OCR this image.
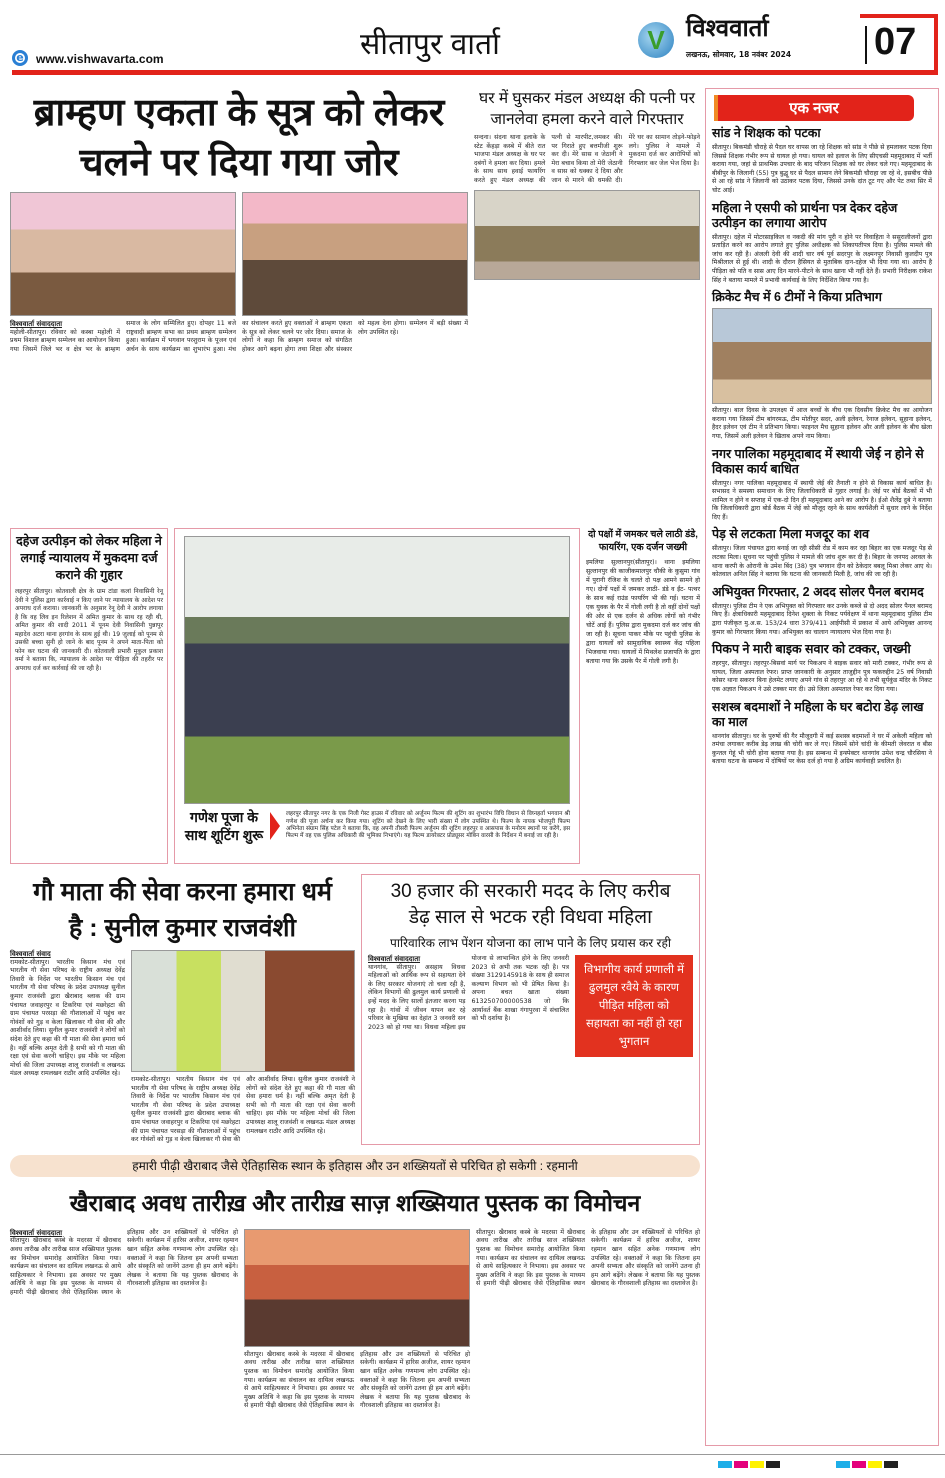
e	www.vishwavarta.com	सीतापुर वार्ता	V विश्ववार्ता
लखनऊ, सोमवार, 18 नवंबर 2024 07
ब्राम्हण एकता के सूत्र को लेकर
चलने पर दिया गया जोर
विश्ववार्ता संवाददाता
महोली-सीतापुर। रविवार को कस्बा महोली में प्रथम विशाल ब्राम्हण सम्मेलन का आयोजन किया गया जिसमें जिले भर व क्षेत्र भर के ब्राम्हण समाज के लोग सम्मिलित हुए। दोपहर 11 बजे राष्ट्रवादी ब्राम्हण सभा का प्रथम ब्राम्हण सम्मेलन हुआ। कार्यक्रम में भगवान परशुराम के पूजन एवं अर्चन के साथ कार्यक्रम का शुभारंभ हुआ। मंच का संचालन करते हुए वक्ताओं ने ब्राम्हण एकता के सूत्र को लेकर चलने पर जोर दिया। समाज के लोगों ने कहा कि ब्राम्हण समाज को संगठित होकर आगे बढ़ना होगा तथा शिक्षा और संस्कार को महत्व देना होगा। सम्मेलन में बड़ी संख्या में लोग उपस्थित रहे।
घर में घुसकर मंडल अध्यक्ष की पत्नी पर
जानलेवा हमला करने वाले गिरफ्तार
सन्दना। संदना थाना इलाके के स्टेट केंहड़ा कस्बे में बीते रात भाजपा मंडल अध्यक्ष के घर पर दबंगों ने हमला कर दिया। हमले के साथ साथ हवाई फायरिंग करते हुए मंडल अध्यक्ष की पत्नी से मारपीट,जमकर की। पर गिराते हुए बत्तमीजी शुरू कर दी। मेरे सास व जेठानी ने मेरा बचाव किया तो मेरी जेठानी व सास को धक्का दे दिया और जान से मारने की धमकी दी। मेरे घर का सामान तोड़ने-फोड़ने लगे। पुलिस ने मामले में मुकदमा दर्ज कर आरोपियों को गिरफ्तार कर जेल भेज दिया है।
दहेज उत्पीड़न को लेकर महिला ने लगाई न्यायालय में मुकदमा दर्ज कराने की गुहार
लहरपुर सीतापुर। कोतवाली क्षेत्र के ग्राम टांडा कलां निवासिनी रेनू देवी ने पुलिस द्वारा कार्रवाई न किए जाने पर न्यायालय के आदेश पर अपराध दर्ज कराया। जानकारी के अनुसार रेनू देवी ने आरोप लगाया है कि वह लिव इन रिलेशन में अमित कुमार के साथ रह रही थी, अमित कुमार की शादी 2011 में पूनम देवी निवासिनी पुन्नापुर महादेव अटरा थाना हरगांव के साथ हुई थी। 19 जुलाई को पूनम से उसकी बच्चा सुनी हो जाने के बाद पूनम ने अपने माता-पिता को फोन कर घटना की जानकारी दी। कोतवाली प्रभारी मुकुल प्रकाश वर्मा ने बताया कि, न्यायालय के आदेश पर पीड़िता की तहरीर पर अपराध दर्ज कर कार्रवाई की जा रही है।
गणेश पूजा के साथ शूटिंग शुरू
लहरपुर सीतापुर नगर के एक निजी गेस्ट हाउस में रविवार को अर्जुनम फिल्म की शूटिंग का शुभारंभ विधि विधान से विघ्नहर्ता भगवान श्री गणेश की पूजा अर्चना कर किया गया। शूटिंग को देखने के लिए भारी संख्या में लोग उपस्थित थे। फिल्म के नायक भोजपुरी फिल्म अभिनेता संग्राम सिंह पटेल ने बताया कि, वह अपनी तीसरी फिल्म अर्जुनम की शूटिंग लहरपुर व आसपास के मनोरम स्थानों पर करेंगे, इस फिल्म में वह एक पुलिस अधिकारी की भूमिका निभाएंगे। यह फिल्म डायरेक्टर प्रोड्यूसर मोबिन वारसी के निर्देशन में बनाई जा रही है।
दो पक्षों में जमकर चले लाठी डंडे,
फायरिंग, एक दर्जन जख्मी
इमलिया सुल्तानपुर(सीतापुर)। थाना इमलिया सुल्तानपुर की काजीकमालपुर चौकी के कुसुमा गांव में पुरानी रंजिश के चलते दो पक्ष आमने सामने हो गए। दोनों पक्षों में जमकर लाठी- डंडे व ईंट- पत्थर के साथ कई राउंड फायरिंग भी की गई। घटना में एक युवक के पैर में गोली लगी है तो वहीं दोनों पक्षों की ओर से एक दर्जन से अधिक लोगों को गंभीर चोटें आई हैं। पुलिस द्वारा मुकदमा दर्ज कर जांच की जा रही है। सूचना पाकर मौके पर पहुंची पुलिस के द्वारा घायलों को सामुदायिक स्वास्थ्य केंद्र पहिला भिजवाया गया। घायलों में मिथलेश प्रजापति के द्वारा बताया गया कि उसके पैर में गोली लगी है।
गौ माता की सेवा करना हमारा धर्म
है : सुनील कुमार राजवंशी
विश्ववार्ता संवाद
रामकोट-सीतापुर। भारतीय किसान मंच एवं भारतीय गौ सेवा परिषद के राष्ट्रीय अध्यक्ष देवेंद्र तिवारी के निर्देश पर भारतीय किसान मंच एवं भारतीय गौ सेवा परिषद के प्रदेश उपाध्यक्ष सुनील कुमार राजवंशी द्वारा खैराबाद ब्लाक की ग्राम पंचायत जवाहरपुर व टिकरिया एवं मछरेहटा की ग्राम पंचायत परसड़ा की गौशालाओं में पहुंच कर गोवंशों को गुड़ व केला खिलाकर गौ सेवा की और आशीर्वाद लिया। सुनील कुमार राजवंशी ने लोगों को संदेश देते हुए कहा की गौ माता की सेवा हमारा धर्म है। नहीं बल्कि अमृत देती है सभी को गौ माता की रक्षा एवं सेवा करनी चाहिए। इस मौके पर महिला मोर्चा की जिला उपाध्यक्ष शालू राजवंशी व लखनऊ मंडल अध्यक्ष रामलखन राठौर आदि उपस्थित रहे।
रामकोट-सीतापुर। भारतीय किसान मंच एवं भारतीय गौ सेवा परिषद के राष्ट्रीय अध्यक्ष देवेंद्र तिवारी के निर्देश पर भारतीय किसान मंच एवं भारतीय गौ सेवा परिषद के प्रदेश उपाध्यक्ष सुनील कुमार राजवंशी द्वारा खैराबाद ब्लाक की ग्राम पंचायत जवाहरपुर व टिकरिया एवं मछरेहटा की ग्राम पंचायत परसड़ा की गौशालाओं में पहुंच कर गोवंशों को गुड़ व केला खिलाकर गौ सेवा की और आशीर्वाद लिया। सुनील कुमार राजवंशी ने लोगों को संदेश देते हुए कहा की गौ माता की सेवा हमारा धर्म है। नहीं बल्कि अमृत देती है सभी को गौ माता की रक्षा एवं सेवा करनी चाहिए। इस मौके पर महिला मोर्चा की जिला उपाध्यक्ष शालू राजवंशी व लखनऊ मंडल अध्यक्ष रामलखन राठौर आदि उपस्थित रहे।
30 हजार की सरकारी मदद के लिए करीब
डेढ़ साल से भटक रही विधवा महिला
पारिवारिक लाभ पेंशन योजना का लाभ पाने के लिए प्रयास कर रही
विश्ववार्ता संवाददाता
थानगांव, सीतापुर। असहाय विधवा महिलाओं को आर्थिक रूप से सहायता देने के लिए सरकार योजनाएं तो चला रही है, लेकिन विभागों की ढुलमुल कार्य प्रणाली से इन्हें मदद के लिए सालों इंतजार करना पड़ रहा है। गांवों में जीवन यापन कर रहे परिवार के मुखिया का देहांत 3 जनवरी सन 2023 को हो गया था। विधवा महिला इस योजना से लाभान्वित होने के लिए जनवरी 2023 से अभी तक भटक रही है। पत्र संख्या 3129145918 के साथ ही समाज कल्याण विभाग को भी प्रेषित किया है। अपना बचत खाता संख्या 613250700000538 जो कि आर्यावर्त बैंक शाखा गंगापुरवा में संचालित को भी दर्शाया है।
विभागीय कार्य प्रणाली में ढुलमुल रवैये के कारण पीड़ित महिला को सहायता का नहीं हो रहा भुगतान
हमारी पीढ़ी खैराबाद जैसे ऐतिहासिक स्थान के इतिहास और उन शख्सियतों से परिचित हो सकेगी : रहमानी
खैराबाद अवध तारीख़ और तारीख़ साज़ शख्सियात पुस्तक का विमोचन
विश्ववार्ता संवाददाता
सीतापुर। खैराबाद कस्बे के मदरसा में खैराबाद अवध तारीख और तारीख साज शख्सियात पुस्तक का विमोचन समारोह आयोजित किया गया। कार्यक्रम का संचालन का दायित्व लखनऊ से आये साहित्यकार ने निभाया। इस अवसर पर मुख्य अतिथि ने कहा कि इस पुस्तक के माध्यम से हमारी पीढ़ी खैराबाद जैसे ऐतिहासिक स्थान के इतिहास और उन शख्सियतों से परिचित हो सकेगी। कार्यक्रम में हारिस अजीज, शायर रहमान खान सहित अनेक गणमान्य लोग उपस्थित रहे। वक्ताओं ने कहा कि जितना हम अपनी सभ्यता और संस्कृति को जानेंगे उतना ही हम आगे बढ़ेंगे। लेखक ने बताया कि यह पुस्तक खैराबाद के गौरवशाली इतिहास का दस्तावेज है।
सीतापुर। खैराबाद कस्बे के मदरसा में खैराबाद अवध तारीख और तारीख साज शख्सियात पुस्तक का विमोचन समारोह आयोजित किया गया। कार्यक्रम का संचालन का दायित्व लखनऊ से आये साहित्यकार ने निभाया। इस अवसर पर मुख्य अतिथि ने कहा कि इस पुस्तक के माध्यम से हमारी पीढ़ी खैराबाद जैसे ऐतिहासिक स्थान के इतिहास और उन शख्सियतों से परिचित हो सकेगी। कार्यक्रम में हारिस अजीज, शायर रहमान खान सहित अनेक गणमान्य लोग उपस्थित रहे। वक्ताओं ने कहा कि जितना हम अपनी सभ्यता और संस्कृति को जानेंगे उतना ही हम आगे बढ़ेंगे। लेखक ने बताया कि यह पुस्तक खैराबाद के गौरवशाली इतिहास का दस्तावेज है।
सीतापुर। खैराबाद कस्बे के मदरसा में खैराबाद अवध तारीख और तारीख साज शख्सियात पुस्तक का विमोचन समारोह आयोजित किया गया। कार्यक्रम का संचालन का दायित्व लखनऊ से आये साहित्यकार ने निभाया। इस अवसर पर मुख्य अतिथि ने कहा कि इस पुस्तक के माध्यम से हमारी पीढ़ी खैराबाद जैसे ऐतिहासिक स्थान के इतिहास और उन शख्सियतों से परिचित हो सकेगी। कार्यक्रम में हारिस अजीज, शायर रहमान खान सहित अनेक गणमान्य लोग उपस्थित रहे। वक्ताओं ने कहा कि जितना हम अपनी सभ्यता और संस्कृति को जानेंगे उतना ही हम आगे बढ़ेंगे। लेखक ने बताया कि यह पुस्तक खैराबाद के गौरवशाली इतिहास का दस्तावेज है।
एक नजर
सांड ने शिक्षक को पटका
सीतापुर। बिकमंडी चौराहे से पैदल घर वापस जा रहे शिक्षक को सांड ने पीछे से हमलाकर पटक दिया जिससे शिक्षक गंभीर रूप से घायल हो गया। घायल को इलाज के लिए सीएचसी महमूदाबाद में भर्ती कराया गया, जहां से प्राथमिक उपचार के बाद परिजन शिक्षक को घर लेकर चले गए। महमूदाबाद के बीबीपुर के जिलानी (55) पुत्र बुद्धू घर से पैदल सामान लेने बिकमंडी चौराहा जा रहे थे, इसबीच पीछे से आ रहे सांड ने जिलानी को उठाकर पटक दिया, जिससे उनके दांत टूट गए और पेट तथा सिर में चोट आई।
महिला ने एसपी को प्रार्थना पत्र देकर दहेज उत्पीड़न का लगाया आरोप
सीतापुर। दहेज में मोटरसाइकिल व नकदी की मांग पूरी न होने पर विवाहिता ने ससुरालीजनों द्वारा प्रताड़ित करने का आरोप लगाते हुए पुलिस अधीक्षक को शिकायतीपत्र दिया है। पुलिस मामले की जांच कर रही है। अंजली देवी की शादी चार वर्ष पूर्व सदरपुर के लक्ष्मनपुर निवासी कुलदीप पुत्र मिश्रीलाल से हुई थी। शादी के दौरान हैसियत से मुताबिक दान-दहेज भी दिया गया था। आरोप है पीड़िता को पति व सास आए दिन मारने-पीटने के साथ खाना भी नहीं देते हैं। प्रभारी निरीक्षक राकेश सिंह ने बताया मामले में प्रभावी कार्यवाई के लिए निर्देशित किया गया है।
क्रिकेट मैच में 6 टीमों ने किया प्रतिभाग
सीतापुर। बाल दिवस के उपलक्ष्य में आज बच्चों के बीच एक दिवसीय क्रिकेट मैच का आयोजन कराया गया जिसमें टीम बांगरमऊ, टीम मोतीपुर सदर, अली इलेवन, रेनाज इलेवन, सुहाना इलेवन, हैदर इलेवन एवं टीम ने प्रतिभाग किया। फाइनल मैच सुहाना इलेवन और अली इलेवन के बीच खेला गया, जिसमें अली इलेवन ने खिताब अपने नाम किया।
नगर पालिका महमूदाबाद में स्थायी जेई न होने से विकास कार्य बाधित
सीतापुर। नगर पालिका महमूदाबाद में स्थायी जेई की तैनाती न होने से विकास कार्य बाधित है। सभासद ने समस्या समाधान के लिए जिलाधिकारी से गुहार लगाई है। जेई पर बोर्ड बैठकों में भी शामिल न होने व सप्ताह में एक-दो दिन ही महमूदाबाद आने का आरोप है। ईओ शैलेंद्र दुबे ने बताया कि जिलाधिकारी द्वारा बोर्ड बैठक में जेई को मौजूद रहने के साथ कार्यशैली में सुधार लाने के निर्देश दिए हैं।
पेड़ से लटकता मिला मजदूर का शव
सीतापुर। जिला पंचायत द्वारा बनाई जा रही सीसी रोड में काम कर रहा बिहार का एक मजदूर पेड़ से लटका मिला। सूचना पर पहुंची पुलिस ने मामले की जांच शुरू कर दी है। बिहार के जनपद अरवल के थाना करपी के ओरानी के उमेश बिंद (38) पुत्र भगवान दीन को ठेकेदार बबलू मिश्रा लेकर आए थे। कोतवाल अनिल सिंह ने बताया कि घटना की जानकारी मिली है, जांच की जा रही है।
अभियुक्त गिरफ्तार, 2 अदद सोलर पैनल बरामद
सीतापुर। पुलिस टीम ने एक अभियुक्त को गिरफ्तार कर उनके कब्जे से दो अदद सोलर पैनल बरामद किए हैं। क्षेत्राधिकारी महमूदाबाद दिनेश शुक्ला के निकट पर्यवेक्षण में थाना महमूदाबाद पुलिस टीम द्वारा पंजीकृत मु.अ.स. 153/24 धारा 379/411 आईपीसी में प्रकाश में आये अभियुक्त आनन्द कुमार को गिरफ्तार किया गया। अभियुक्त का चालान न्यायालय भेज दिया गया है।
पिकप ने मारी बाइक सवार को टक्कर, जख्मी
तहरपुर, सीतापुर। तहरपुर-बिसवां मार्ग पर पिकअप ने बाइक सवार को मारी टक्कर, गंभीर रूप से घायल, जिला अस्पताल रेफर। प्राप्त जानकारी के अनुसार ताजुद्दीन पुत्र फकरुद्दीन 25 वर्ष निवासी कोसर थाना सकरन बिना हेलमेट लगाए अपने गांव से तहरपुर आ रहे थे तभी सूर्यकुंड मंदिर के निकट एक अज्ञात पिकअप ने उसे टक्कर मार दी। उसे जिला अस्पताल रेफर कर दिया गया।
सशस्त्र बदमाशों ने महिला के घर बटोरा डेढ़ लाख का माल
थानगांव सीतापुर। घर के पुरुषों की गैर मौजूदगी में कई सशस्त्र बदमाशों ने घर में अकेली महिला को तमंचा लगाकर करीब डेढ़ लाख की चोरी कर ले गए। जिसमें सोने चांदी के कीमती जेवरात व बीस कुन्तल गेहूं भी चोरी होना बताया गया है। इस सम्बन्ध में इन्स्पेक्टर थानगांव उमेश चन्द्र चौरसिया ने बताया घटना के सम्बन्ध में दोषियों पर केस दर्ज हो गया है अग्रिम कार्यवाही प्रचलित है।
